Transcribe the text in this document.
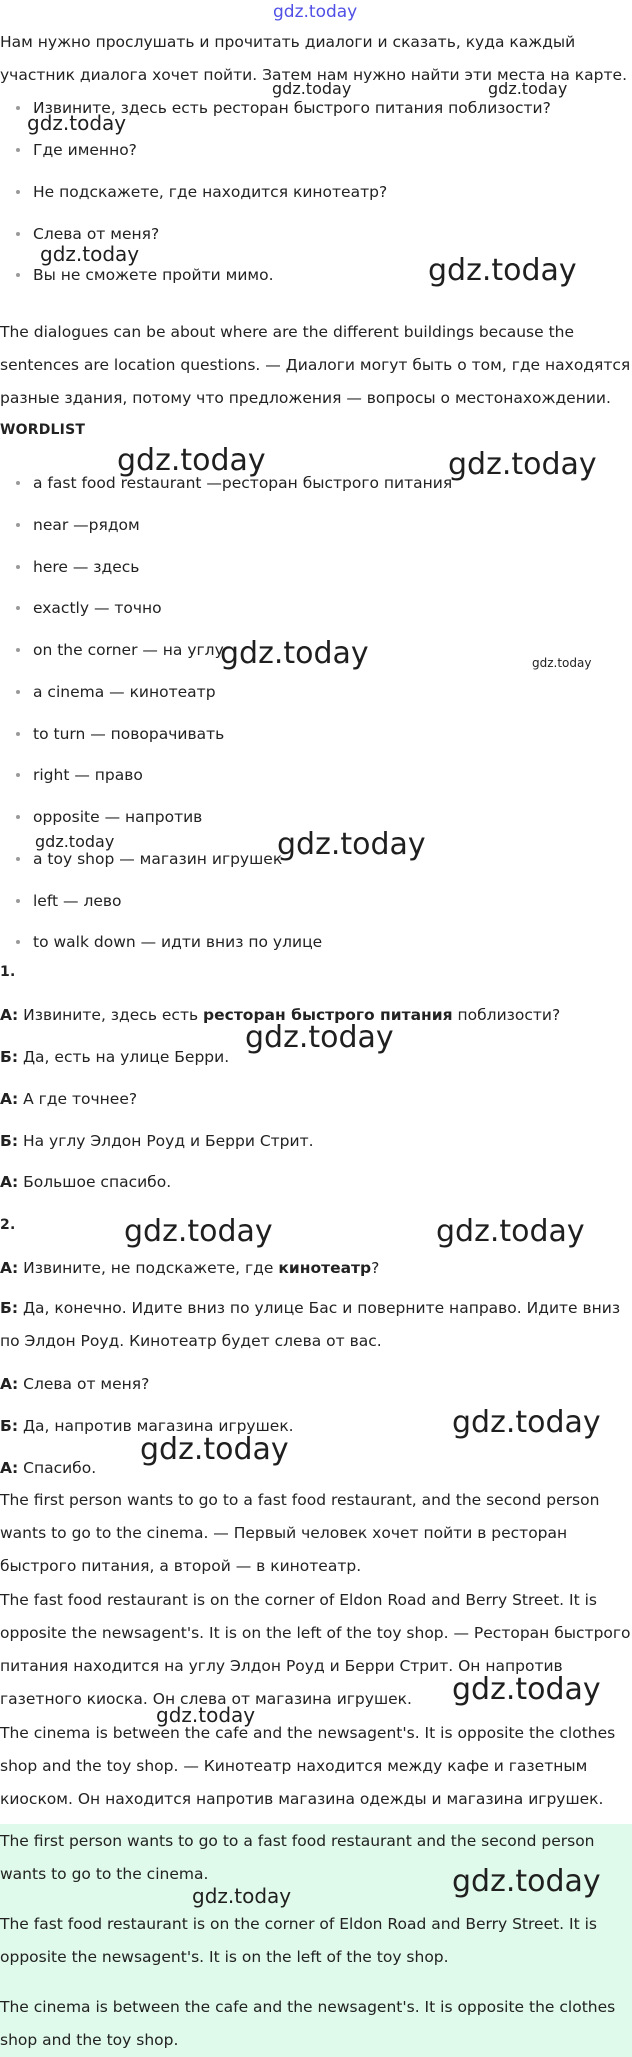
gdz.today

Нам нужно прослушать и прочитать диалоги и сказать, куда каждый участник диалога хочет пойти. Затем нам нужно найти эти места на карте.

Извините, здесь есть ресторан быстрого питания поблизости?
Где именно?
Не подскажете, где находится кинотеатр?
Слева от меня?
Вы не сможете пройти мимо.

The dialogues can be about where are the different buildings because the sentences are location questions. — Диалоги могут быть о том, где находятся разные здания, потому что предложения — вопросы о местонахождении.

WORDLIST
a fast food restaurant —ресторан быстрого питания
near —рядом
here — здесь
exactly — точно
on the corner — на углу
a cinema — кинотеатр
to turn — поворачивать
right — право
opposite — напротив
a toy shop — магазин игрушек
left — лево
to walk down — идти вниз по улице
1.
А: Извините, здесь есть ресторан быстрого питания поблизости?
Б: Да, есть на улице Берри.
А: А где точнее?
Б: На углу Элдон Роуд и Берри Стрит.
А: Большое спасибо.
2.
А: Извините, не подскажете, где кинотеатр?

Б: Да, конечно. Идите вниз по улице Бас и поверните направо. Идите вниз по Элдон Роуд. Кинотеатр будет слева от вас.

А: Слева от меня?
Б: Да, напротив магазина игрушек.
А: Спасибо.

The first person wants to go to a fast food restaurant, and the second person wants to go to the cinema. — Первый человек хочет пойти в ресторан быстрого питания, а второй — в кинотеатр.

The fast food restaurant is on the corner of Eldon Road and Berry Street. It is opposite the newsagent's. It is on the left of the toy shop. — Ресторан быстрого питания находится на углу Элдон Роуд и Берри Стрит. Он напротив газетного киоска. Он слева от магазина игрушек.

The cinema is between the cafe and the newsagent's. It is opposite the clothes shop and the toy shop. — Кинотеатр находится между кафе и газетным киоском. Он находится напротив магазина одежды и магазина игрушек.

The first person wants to go to a fast food restaurant and the second person wants to go to the cinema.

The fast food restaurant is on the corner of Eldon Road and Berry Street. It is opposite the newsagent's. It is on the left of the toy shop.

The cinema is between the cafe and the newsagent's. It is opposite the clothes shop and the toy shop.

gdz.today	gdz.today
gdz.today
gdz.today	gdz.today
gdz.today	gdz.today
gdz.today	gdz.today
gdz.today	gdz.today
gdz.today
gdz.today	gdz.today
gdz.today
gdz.today
gdz.today
gdz.today
gdz.today
gdz.today
